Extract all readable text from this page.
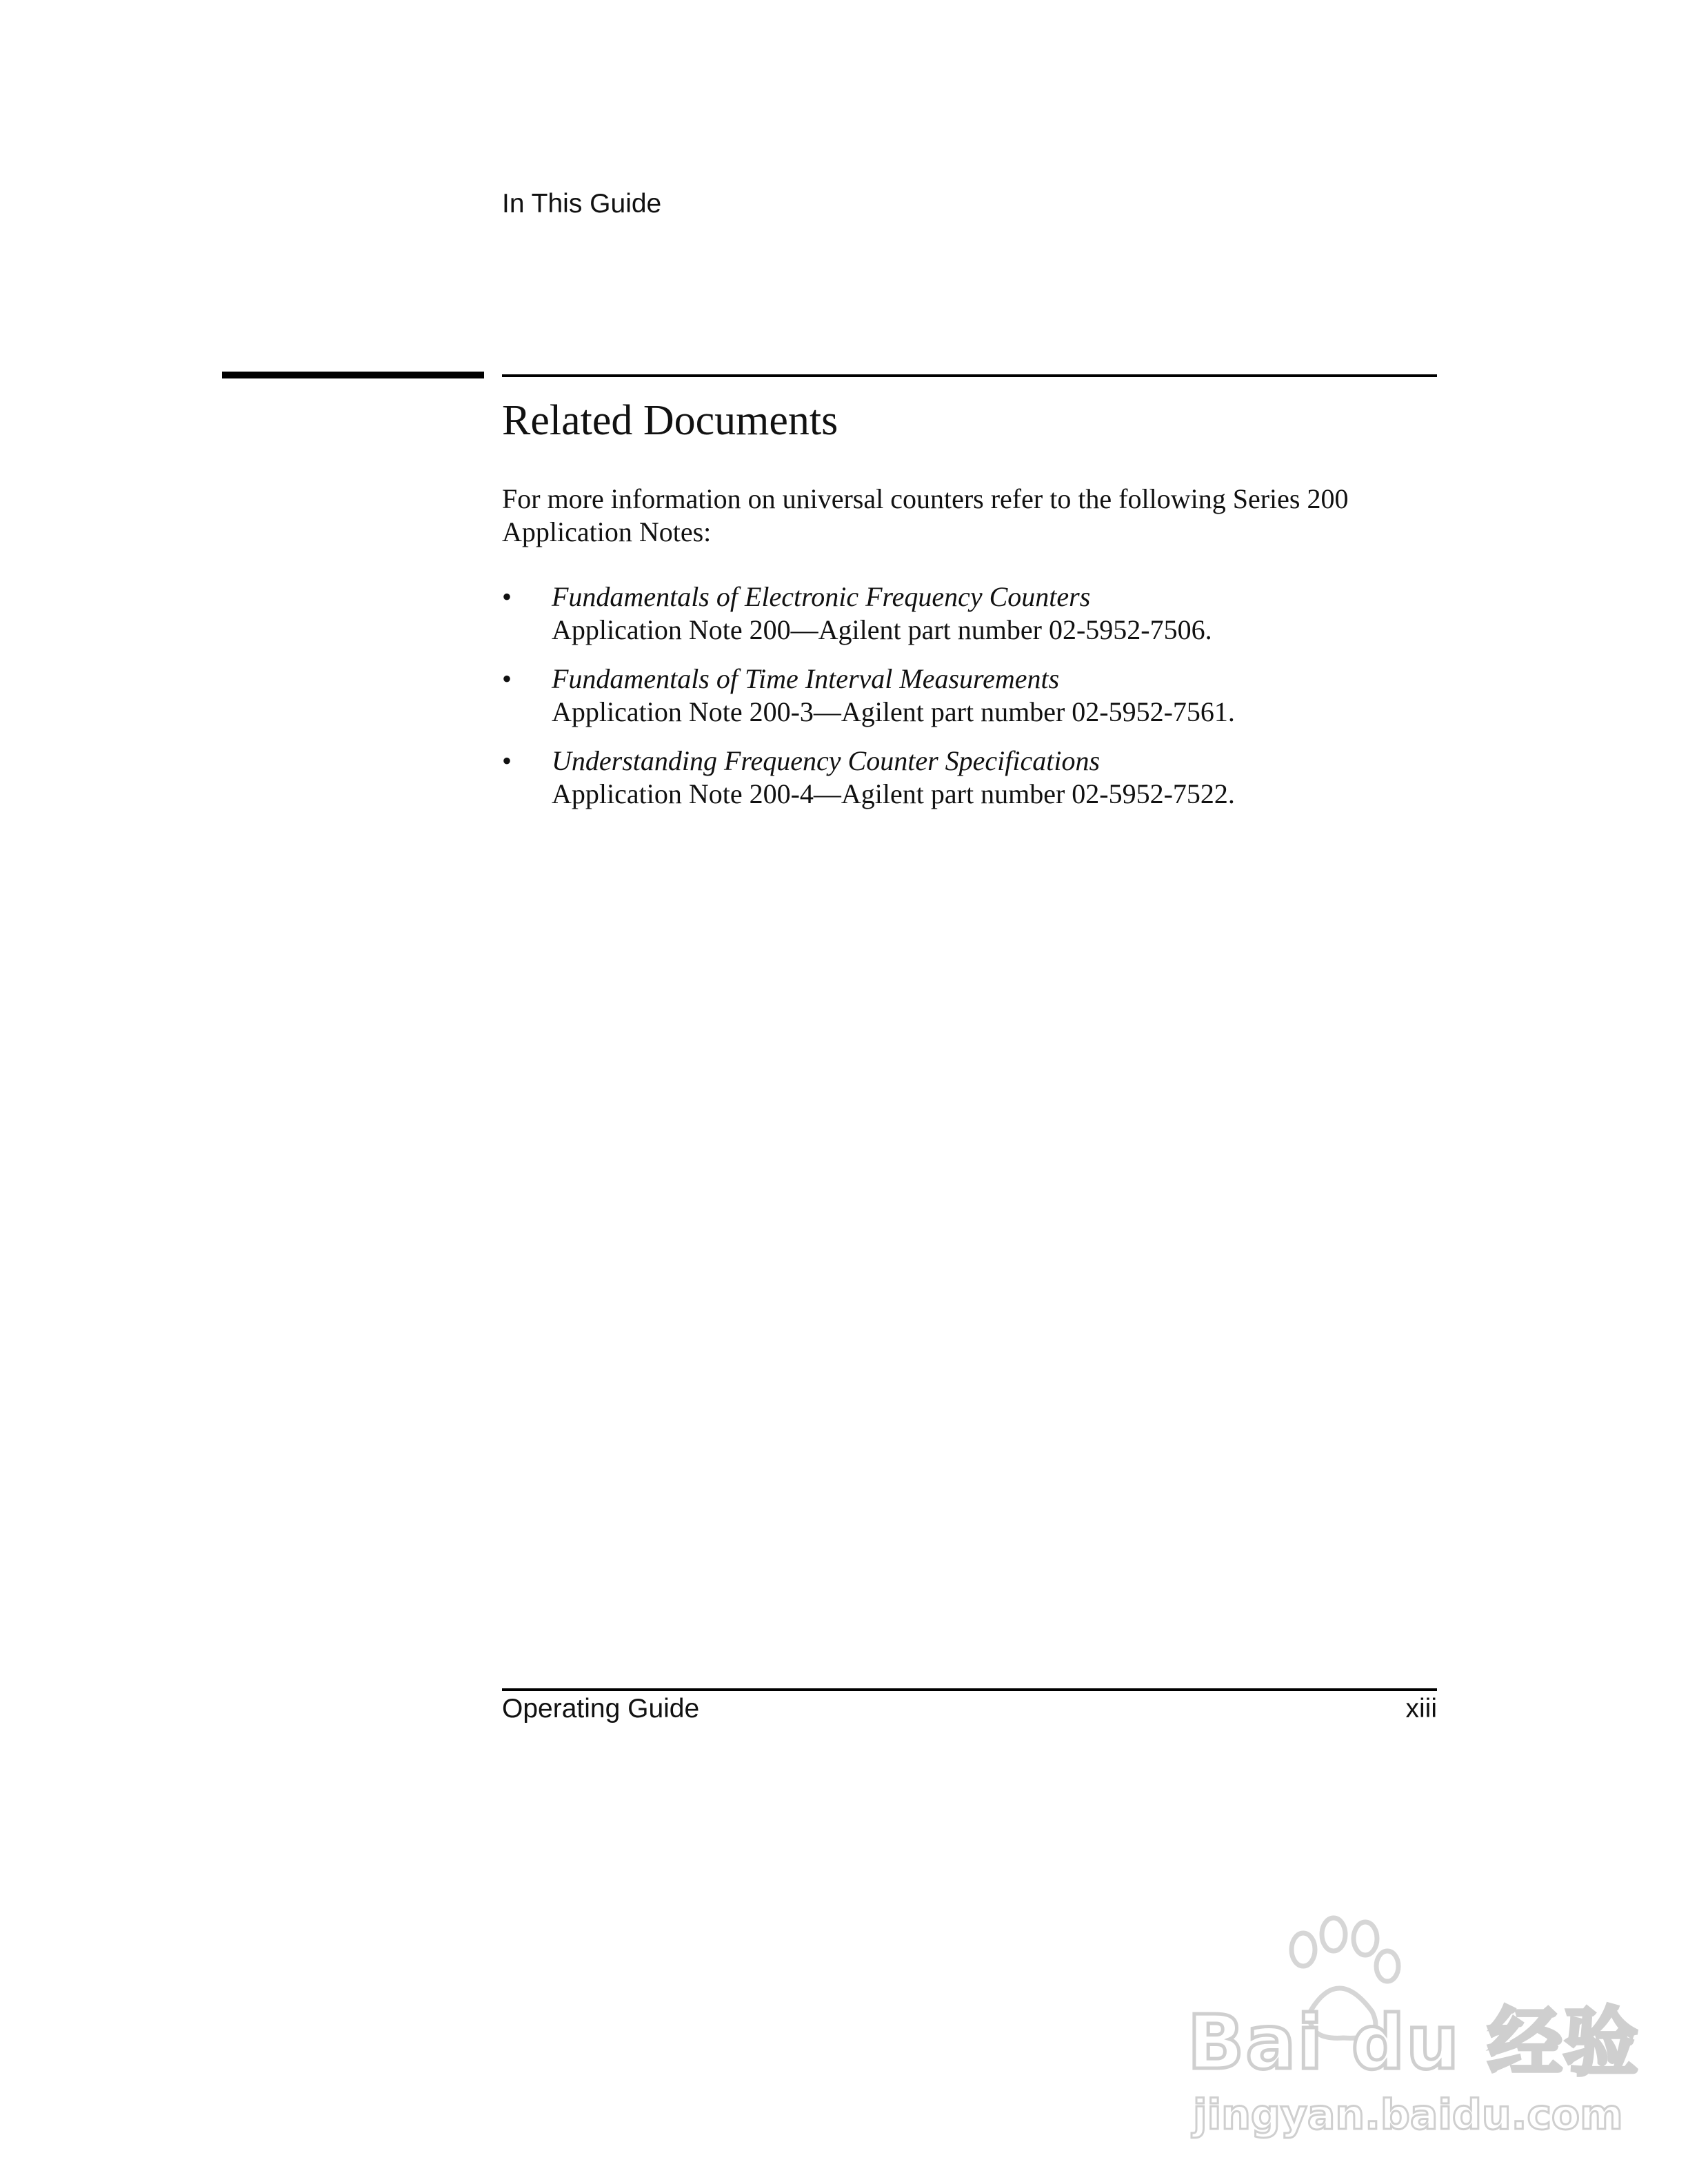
In This Guide
Related Documents

For more information on universal counters refer to the following Series 200 Application Notes:

• Fundamentals of Electronic Frequency Counters
Application Note 200—Agilent part number 02-5952-7506.
• Fundamentals of Time Interval Measurements
Application Note 200-3—Agilent part number 02-5952-7561.
• Understanding Frequency Counter Specifications
Application Note 200-4—Agilent part number 02-5952-7522.
Operating Guide	xiii
Bai du 经验
jingyan.baidu.com
